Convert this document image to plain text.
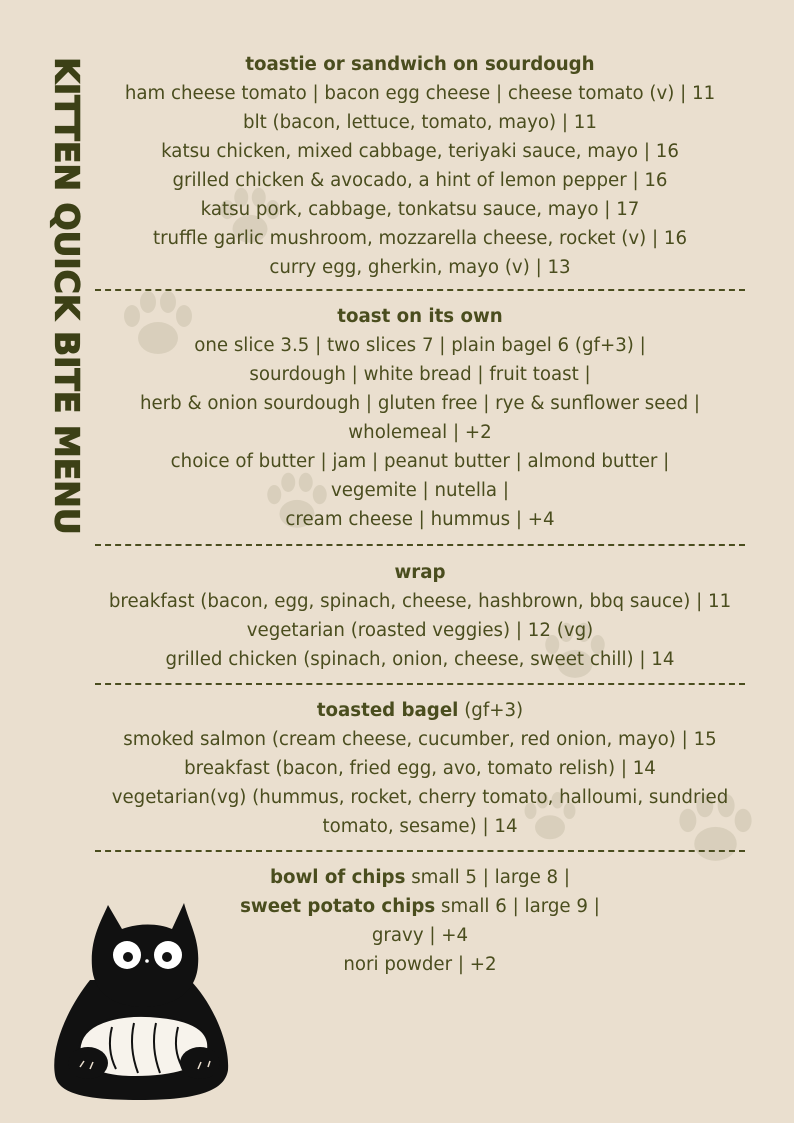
KITTEN QUICK BITE MENU	toastie or sandwich on sourdough
ham cheese tomato | bacon egg cheese | cheese tomato (v) | 11
blt (bacon, lettuce, tomato, mayo) | 11
katsu chicken, mixed cabbage, teriyaki sauce, mayo | 16
grilled chicken & avocado, a hint of lemon pepper | 16
katsu pork, cabbage, tonkatsu sauce, mayo | 17
truffle garlic mushroom, mozzarella cheese, rocket (v) | 16
curry egg, gherkin, mayo (v) | 13
toast on its own
one slice 3.5 | two slices 7 | plain bagel 6 (gf+3) |
sourdough | white bread | fruit toast |
herb & onion sourdough | gluten free | rye & sunflower seed |
wholemeal | +2
choice of butter | jam | peanut butter | almond butter |
vegemite | nutella |
cream cheese | hummus | +4
wrap
breakfast (bacon, egg, spinach, cheese, hashbrown, bbq sauce) | 11
vegetarian (roasted veggies) | 12 (vg)
grilled chicken (spinach, onion, cheese, sweet chill) | 14
toasted bagel (gf+3)
smoked salmon (cream cheese, cucumber, red onion, mayo) | 15
breakfast (bacon, fried egg, avo, tomato relish) | 14
vegetarian(vg) (hummus, rocket, cherry tomato, halloumi, sundried
tomato, sesame) | 14
bowl of chips small 5 | large 8 |
sweet potato chips small 6 | large 9 |
gravy | +4
nori powder | +2
